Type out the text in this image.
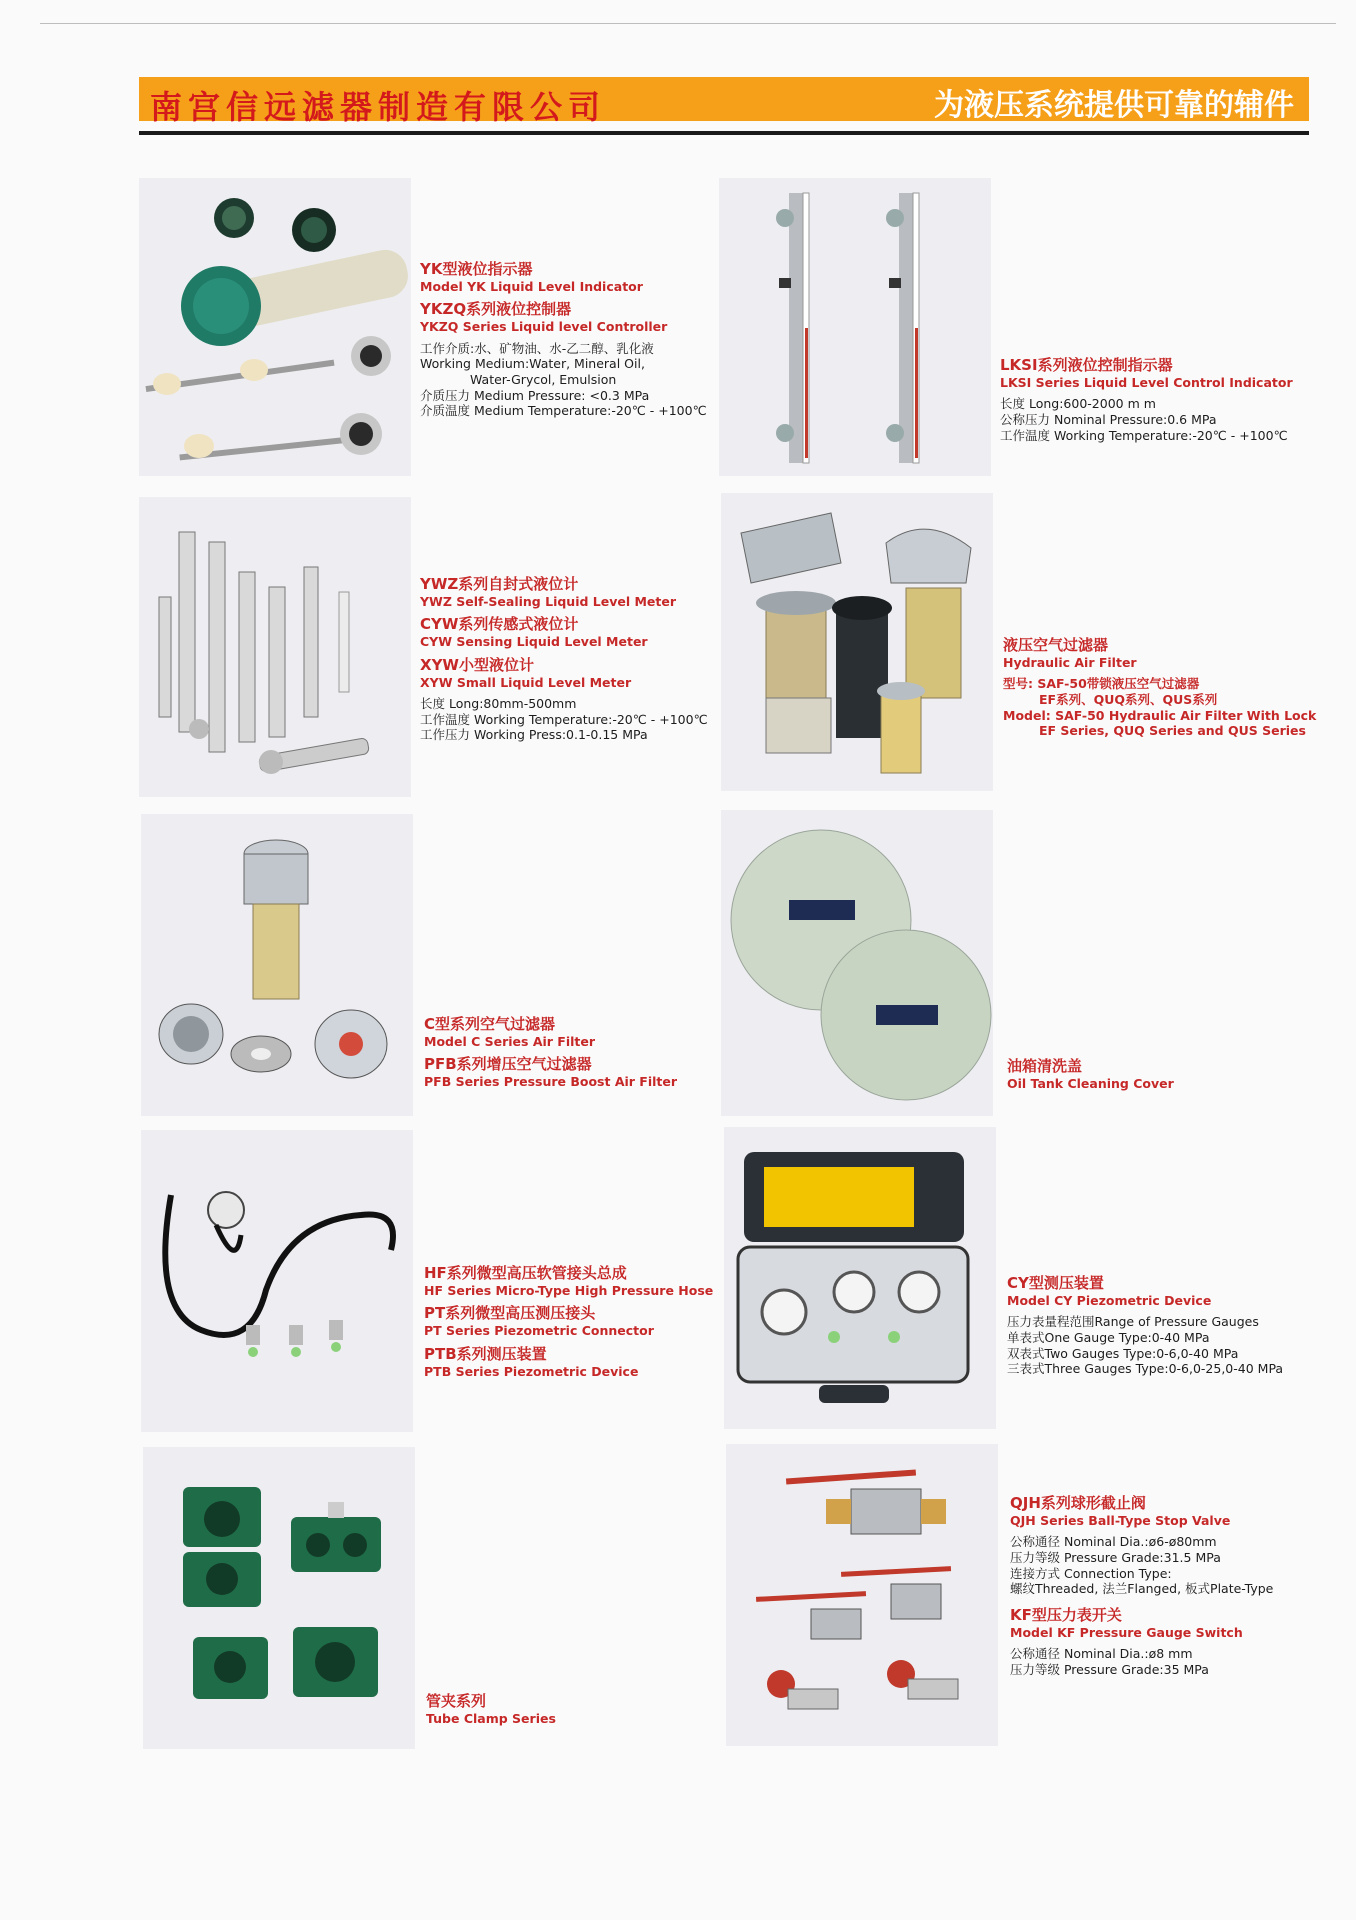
南宫信远滤器制造有限公司	为液压系统提供可靠的辅件
YK型液位指示器
Model YK Liquid Level Indicator
YKZQ系列液位控制器
YKZQ Series Liquid level Controller
工作介质:水、矿物油、水-乙二醇、乳化液
Working Medium:Water, Mineral Oil,
Water-Grycol, Emulsion
介质压力 Medium Pressure: <0.3 MPa
介质温度 Medium Temperature:-20℃ - +100℃
LKSI系列液位控制指示器
LKSI Series Liquid Level Control Indicator
长度 Long:600-2000 m m
公称压力 Nominal Pressure:0.6 MPa
工作温度 Working Temperature:-20℃ - +100℃
YWZ系列自封式液位计
YWZ Self-Sealing Liquid Level Meter
CYW系列传感式液位计
CYW Sensing Liquid Level Meter
XYW小型液位计
XYW Small Liquid Level Meter
长度 Long:80mm-500mm
工作温度 Working Temperature:-20℃ - +100℃
工作压力 Working Press:0.1-0.15 MPa
液压空气过滤器
Hydraulic Air Filter
型号: SAF-50带锁液压空气过滤器
EF系列、QUQ系列、QUS系列
Model: SAF-50 Hydraulic Air Filter With Lock
EF Series, QUQ Series and QUS Series
C型系列空气过滤器
Model C Series Air Filter
PFB系列增压空气过滤器
PFB Series Pressure Boost Air Filter
油箱清洗盖
Oil Tank Cleaning Cover
HF系列微型高压软管接头总成
HF Series Micro-Type High Pressure Hose
PT系列微型高压测压接头
PT Series Piezometric Connector
PTB系列测压装置
PTB Series Piezometric Device
CY型测压装置
Model CY Piezometric Device
压力表量程范围Range of Pressure Gauges
单表式One Gauge Type:0-40 MPa
双表式Two Gauges Type:0-6,0-40 MPa
三表式Three Gauges Type:0-6,0-25,0-40 MPa
管夹系列
Tube Clamp Series
QJH系列球形截止阀
QJH Series Ball-Type Stop Valve
公称通径 Nominal Dia.:ø6-ø80mm
压力等级 Pressure Grade:31.5 MPa
连接方式 Connection Type:
螺纹Threaded, 法兰Flanged, 板式Plate-Type
KF型压力表开关
Model KF Pressure Gauge Switch
公称通径 Nominal Dia.:ø8 mm
压力等级 Pressure Grade:35 MPa
